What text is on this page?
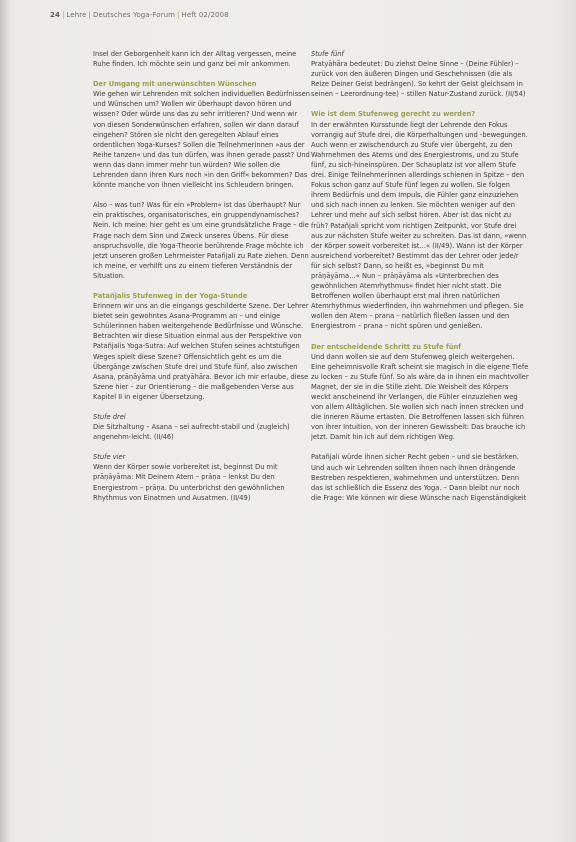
24 | Lehre | Deutsches Yoga-Forum | Heft 02/2008

Insel der Geborgenheit kann ich der Alltag vergessen, meine Ruhe finden. Ich möchte sein und ganz bei mir ankommen.

Der Umgang mit unerwünschten Wünschen

Wie gehen wir Lehrenden mit solchen individuellen Bedürfnissen und Wünschen um? Wollen wir überhaupt davon hören und wissen? Oder würde uns das zu sehr irritieren? Und wenn wir von diesen Sonderwünschen erfahren, sollen wir dann darauf eingehen? Stören sie nicht den geregelten Ablauf eines ordentlichen Yoga-Kurses? Sollen die Teilnehmerinnen »aus der Reihe tanzen« und das tun dürfen, was ihnen gerade passt? Und wenn das dann immer mehr tun würden? Wie sollen die Lehrenden dann ihren Kurs noch »in den Griff« bekommen? Das könnte manche von ihnen vielleicht ins Schleudern bringen.

Also – was tun? Was für ein »Problem« ist das überhaupt? Nur ein praktisches, organisatorisches, ein gruppendynamisches? Nein. Ich meine: hier geht es um eine grundsätzliche Frage – die Frage nach dem Sinn und Zweck unseres Übens. Für diese anspruchsvolle, die Yoga-Theorie berührende Frage möchte ich jetzt unseren großen Lehrmeister Patañjali zu Rate ziehen. Denn ich meine, er verhilft uns zu einem tieferen Verständnis der Situation.

Patañjalis Stufenweg in der Yoga-Stunde

Erinnern wir uns an die eingangs geschilderte Szene. Der Lehrer bietet sein gewohntes Asana-Programm an – und einige Schülerinnen haben weitergehende Bedürfnisse und Wünsche. Betrachten wir diese Situation einmal aus der Perspektive von Patañjalis Yoga-Sutra: Auf welchen Stufen seines achtstufigen Weges spielt diese Szene? Offensichtlich geht es um die Übergänge zwischen Stufe drei und Stufe fünf, also zwischen Asana, prāṇāyāma und pratyāhāra. Bevor ich mir erlaube, diese Szene hier – zur Orientierung – die maßgebenden Verse aus Kapitel II in eigener Übersetzung.

Stufe drei

Die Sitzhaltung – Asana – sei aufrecht-stabil und (zugleich) angenehm-leicht. (II/46)

Stufe vier

Wenn der Körper sowie vorbereitet ist, beginnst Du mit prāṇāyāma: Mit Deinem Atem – prāṇa – lenkst Du den Energiestrom – prāṇa. Du unterbrichst den gewöhnlichen Rhythmus von Einatmen und Ausatmen. (II/49)

Stufe fünf

Pratyāhāra bedeutet: Du ziehst Deine Sinne – (Deine Fühler) – zurück von den äußeren Dingen und Geschehnissen (die als Reize Deiner Geist bedrängen). So kehrt der Geist gleichsam in seinen – Leerordnung-tee) – stillen Natur-Zustand zurück. (II/54)

Wie ist dem Stufenweg gerecht zu werden?

In der erwähnten Kursstunde liegt der Lehrende den Fokus vorrangig auf Stufe drei, die Körperhaltungen und -bewegungen. Auch wenn er zwischendurch zu Stufe vier übergeht, zu den Wahrnehmen des Atems und des Energiestroms, und zu Stufe fünf, zu sich-hineinspüren. Der Schauplatz ist vor allem Stufe drei. Einige Teilnehmerinnen allerdings schienen in Spitze – den Fokus schon ganz auf Stufe fünf legen zu wollen. Sie folgen ihrem Bedürfnis und dem Impuls, die Fühler ganz einzuziehen und sich nach innen zu lenken. Sie möchten weniger auf den Lehrer und mehr auf sich selbst hören. Aber ist das nicht zu früh? Patañjali spricht vom richtigen Zeitpunkt, vor Stufe drei aus zur nächsten Stufe weiter zu schreiten. Das ist dann, »wenn der Körper soweit vorbereitet ist…« (II/49). Wann ist der Körper ausreichend vorbereitet? Bestimmt das der Lehrer oder jede/r für sich selbst? Dann, so heißt es, »beginnst Du mit prāṇāyāma…« Nun – prāṇāyāma als »Unterbrechen des gewöhnlichen Atemrhythmus« findet hier nicht statt. Die Betroffenen wollen überhaupt erst mal ihren natürlichen Atemrhythmus wiederfinden, ihn wahrnehmen und pflegen. Sie wollen den Atem – prana – natürlich fließen lassen und den Energiestrom – prana – nicht spüren und genießen.

Der entscheidende Schritt zu Stufe fünf

Und dann wollen sie auf dem Stufenweg gleich weitergehen. Eine geheimnisvolle Kraft scheint sie magisch in die eigene Tiefe zu locken – zu Stufe fünf. So als wäre da in ihnen ein machtvoller Magnet, der sie in die Stille zieht. Die Weisheit des Körpers weckt anscheinend ihr Verlangen, die Fühler einzuziehen weg von allem Alltäglichen. Sie wollen sich nach innen strecken und die inneren Räume ertasten. Die Betroffenen lassen sich führen von ihrer Intuition, von der inneren Gewissheit: Das brauche ich jetzt. Damit hin ich auf dem richtigen Weg.

Patañjali würde ihnen sicher Recht geben – und sie bestärken. Und auch wir Lehrenden sollten ihnen nach ihnen drängende Bestreben respektieren, wahrnehmen und unterstützen. Denn das ist schließlich die Essenz des Yoga. – Dann bleibt nur noch die Frage: Wie können wir diese Wünsche nach Eigenständigkeit
